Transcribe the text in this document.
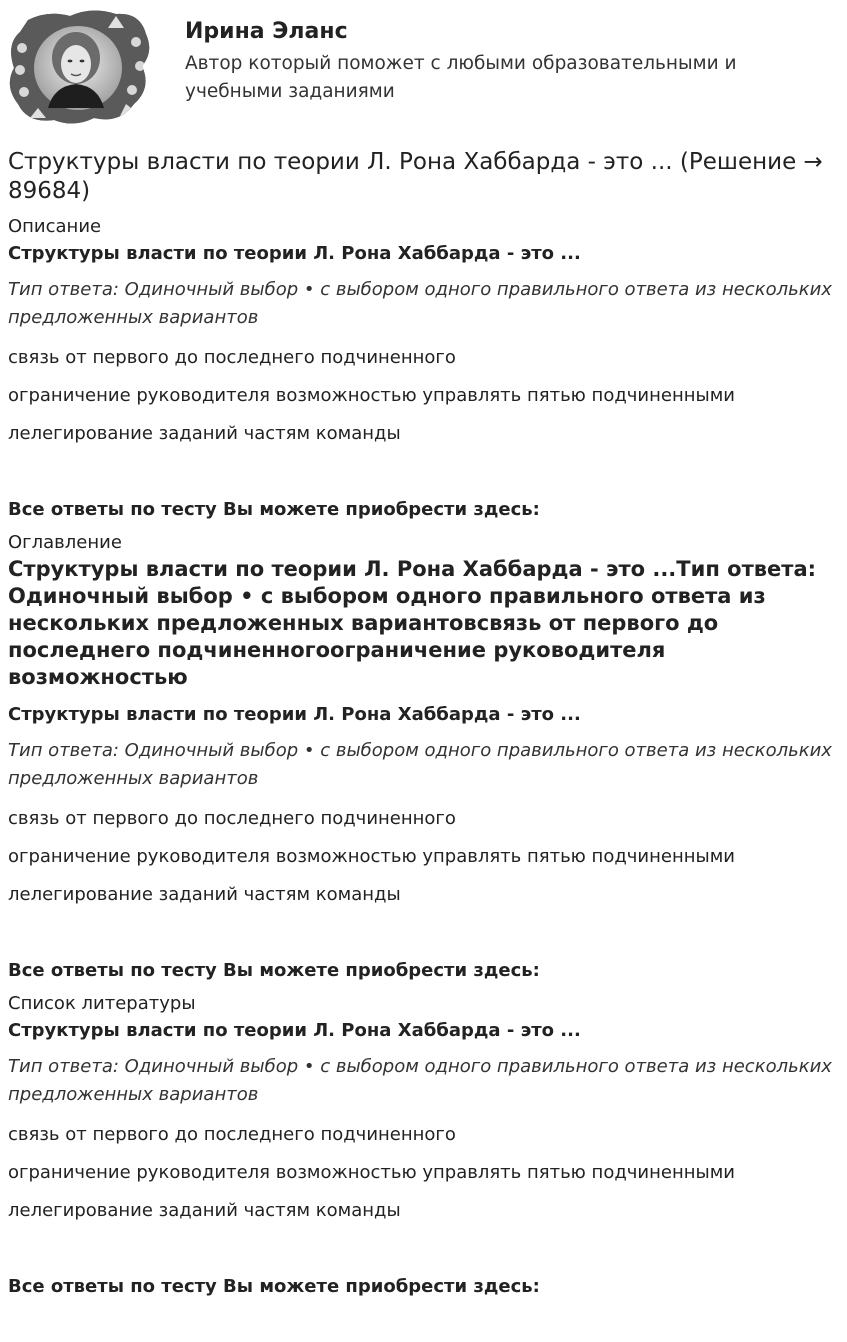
Ирина Эланс
Автор который поможет с любыми образовательными и учебными заданиями
Структуры власти по теории Л. Рона Хаббарда - это ... (Решение → 89684)
Описание
Структуры власти по теории Л. Рона Хаббарда - это ...
Тип ответа: Одиночный выбор • с выбором одного правильного ответа из нескольких предложенных вариантов
связь от первого до последнего подчиненного
ограничение руководителя возможностью управлять пятью подчиненными
лелегирование заданий частям команды
Все ответы по тесту Вы можете приобрести здесь:
Оглавление
Структуры власти по теории Л. Рона Хаббарда - это ...Тип ответа: Одиночный выбор • с выбором одного правильного ответа из нескольких предложенных вариантовсвязь от первого до последнего подчиненногоограничение руководителя возможностью
Структуры власти по теории Л. Рона Хаббарда - это ...
Тип ответа: Одиночный выбор • с выбором одного правильного ответа из нескольких предложенных вариантов
связь от первого до последнего подчиненного
ограничение руководителя возможностью управлять пятью подчиненными
лелегирование заданий частям команды
Все ответы по тесту Вы можете приобрести здесь:
Список литературы
Структуры власти по теории Л. Рона Хаббарда - это ...
Тип ответа: Одиночный выбор • с выбором одного правильного ответа из нескольких предложенных вариантов
связь от первого до последнего подчиненного
ограничение руководителя возможностью управлять пятью подчиненными
лелегирование заданий частям команды
Все ответы по тесту Вы можете приобрести здесь:
